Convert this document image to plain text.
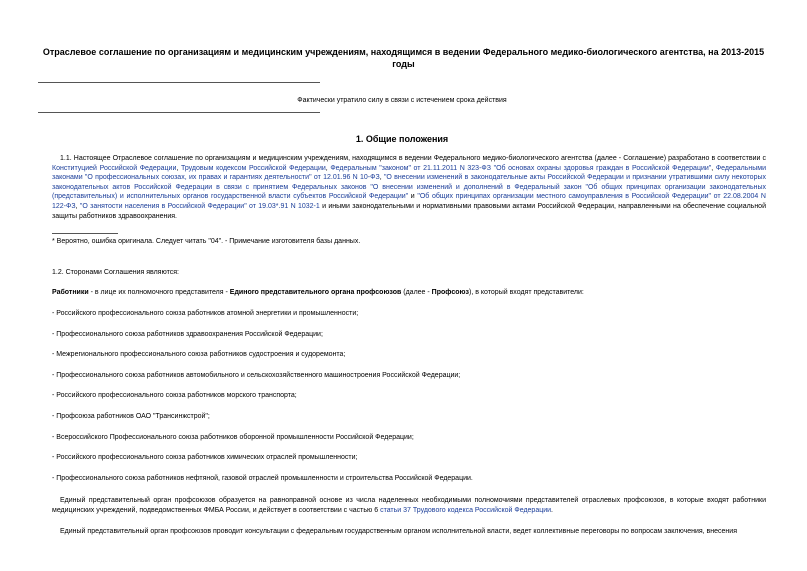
Отраслевое соглашение по организациям и медицинским учреждениям, находящимся в ведении Федерального медико-биологического агентства, на 2013-2015 годы
Фактически утратило силу в связи с истечением срока действия
1. Общие положения
1.1. Настоящее Отраслевое соглашение по организациям и медицинским учреждениям, находящимся в ведении Федерального медико-биологического агентства (далее - Соглашение) разработано в соответствии с Конституцией Российской Федерации, Трудовым кодексом Российской Федерации, Федеральным "законом" от 21.11.2011 N 323-ФЗ "Об основах охраны здоровья граждан в Российской Федерации", Федеральными законами "О профессиональных союзах, их правах и гарантиях деятельности" от 12.01.96 N 10-ФЗ, "О внесении изменений в законодательные акты Российской Федерации и признании утратившими силу некоторых законодательных актов Российской Федерации в связи с принятием Федеральных законов "О внесении изменений и дополнений в Федеральный закон "Об общих принципах организации законодательных (представительных) и исполнительных органов государственной власти субъектов Российской Федерации" и "Об общих принципах организации местного самоуправления в Российской Федерации" от 22.08.2004 N 122-ФЗ, "О занятости населения в Российской Федерации" от 19.03*.91 N 1032-1 и иными законодательными и нормативными правовыми актами Российской Федерации, направленными на обеспечение социальной защиты работников здравоохранения.
* Вероятно, ошибка оригинала. Следует читать "04". - Примечание изготовителя базы данных.
1.2. Сторонами Соглашения являются:
Работники - в лице их полномочного представителя - Единого представительного органа профсоюзов (далее - Профсоюз), в который входят представители:
- Российского профессионального союза работников атомной энергетики и промышленности;
- Профессионального союза работников здравоохранения Российской Федерации;
- Межрегионального профессионального союза работников судостроения и судоремонта;
- Профессионального союза работников автомобильного и сельскохозяйственного машиностроения Российской Федерации;
- Российского профессионального союза работников морского транспорта;
- Профсоюза работников ОАО "Трансинжстрой";
- Всероссийского Профессионального союза работников оборонной промышленности Российской Федерации;
- Российского профессионального союза работников химических отраслей промышленности;
- Профессионального союза работников нефтяной, газовой отраслей промышленности и строительства Российской Федерации.
Единый представительный орган профсоюзов образуется на равноправной основе из числа наделенных необходимыми полномочиями представителей отраслевых профсоюзов, в которые входят работники медицинских учреждений, подведомственных ФМБА России, и действует в соответствии с частью 6 статьи 37 Трудового кодекса Российской Федерации.
Единый представительный орган профсоюзов проводит консультации с федеральным государственным органом исполнительной власти, ведет коллективные переговоры по вопросам заключения, внесения
